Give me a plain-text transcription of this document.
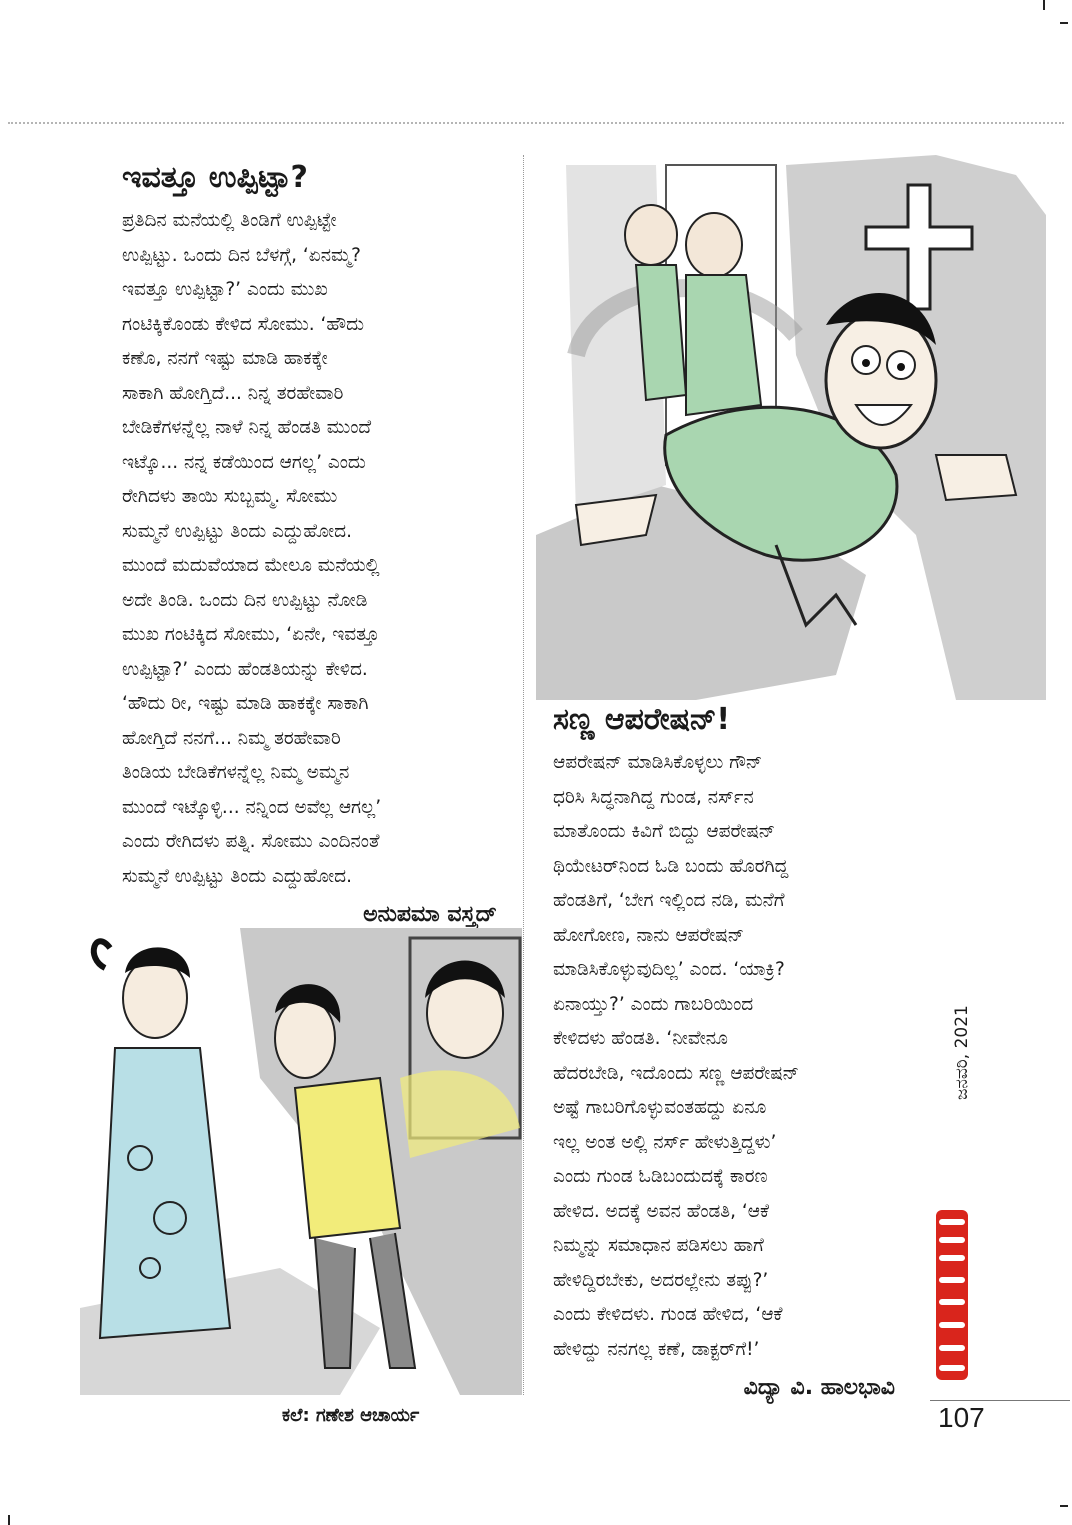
ಇವತ್ತೂ ಉಪ್ಪಿಟ್ಟಾ?
ಪ್ರತಿದಿನ ಮನೆಯಲ್ಲಿ ತಿಂಡಿಗೆ ಉಪ್ಪಿಟ್ಟೇ
ಉಪ್ಪಿಟ್ಟು. ಒಂದು ದಿನ ಬೆಳಗ್ಗೆ, ‘ಏನಮ್ಮ?
ಇವತ್ತೂ ಉಪ್ಪಿಟ್ಟಾ?’ ಎಂದು ಮುಖ
ಗಂಟಿಕ್ಕಿಕೊಂಡು ಕೇಳಿದ ಸೋಮು. ‘ಹೌದು
ಕಣೊ, ನನಗೆ ಇಷ್ಟು ಮಾಡಿ ಹಾಕಕ್ಕೇ
ಸಾಕಾಗಿ ಹೋಗ್ತಿದೆ... ನಿನ್ನ ತರಹೇವಾರಿ
ಬೇಡಿಕೆಗಳನ್ನೆಲ್ಲ ನಾಳೆ ನಿನ್ನ ಹೆಂಡತಿ ಮುಂದೆ
ಇಟ್ಕೊ... ನನ್ನ ಕಡೆಯಿಂದ ಆಗಲ್ಲ’ ಎಂದು
ರೇಗಿದಳು ತಾಯಿ ಸುಬ್ಬಮ್ಮ. ಸೋಮು
ಸುಮ್ಮನೆ ಉಪ್ಪಿಟ್ಟು ತಿಂದು ಎದ್ದುಹೋದ.
ಮುಂದೆ ಮದುವೆಯಾದ ಮೇಲೂ ಮನೆಯಲ್ಲಿ
ಅದೇ ತಿಂಡಿ. ಒಂದು ದಿನ ಉಪ್ಪಿಟ್ಟು ನೋಡಿ
ಮುಖ ಗಂಟಿಕ್ಕಿದ ಸೋಮು, ‘ಏನೇ, ಇವತ್ತೂ
ಉಪ್ಪಿಟ್ಟಾ?’ ಎಂದು ಹೆಂಡತಿಯನ್ನು ಕೇಳಿದ.
‘ಹೌದು ರೀ, ಇಷ್ಟು ಮಾಡಿ ಹಾಕಕ್ಕೇ ಸಾಕಾಗಿ
ಹೋಗ್ತಿದೆ ನನಗೆ... ನಿಮ್ಮ ತರಹೇವಾರಿ
ತಿಂಡಿಯ ಬೇಡಿಕೆಗಳನ್ನೆಲ್ಲ ನಿಮ್ಮ ಅಮ್ಮನ
ಮುಂದೆ ಇಟ್ಕೊಳ್ಳಿ... ನನ್ನಿಂದ ಅವೆಲ್ಲ ಆಗಲ್ಲ’
ಎಂದು ರೇಗಿದಳು ಪತ್ನಿ. ಸೋಮು ಎಂದಿನಂತೆ
ಸುಮ್ಮನೆ ಉಪ್ಪಿಟ್ಟು ತಿಂದು ಎದ್ದುಹೋದ.
ಅನುಪಮಾ ವಸ್ತ್ರದ್
ಸಣ್ಣ ಆಪರೇಷನ್!
ಆಪರೇಷನ್ ಮಾಡಿಸಿಕೊಳ್ಳಲು ಗೌನ್
ಧರಿಸಿ ಸಿದ್ಧನಾಗಿದ್ದ ಗುಂಡ, ನರ್ಸ್‌ನ
ಮಾತೊಂದು ಕಿವಿಗೆ ಬಿದ್ದು ಆಪರೇಷನ್
ಥಿಯೇಟರ್‌ನಿಂದ ಓಡಿ ಬಂದು ಹೊರಗಿದ್ದ
ಹೆಂಡತಿಗೆ, ‘ಬೇಗ ಇಲ್ಲಿಂದ ನಡಿ, ಮನೆಗೆ
ಹೋಗೋಣ, ನಾನು ಆಪರೇಷನ್
ಮಾಡಿಸಿಕೊಳ್ಳುವುದಿಲ್ಲ’ ಎಂದ. ‘ಯಾಕ್ರಿ?
ಏನಾಯ್ತು?’ ಎಂದು ಗಾಬರಿಯಿಂದ
ಕೇಳಿದಳು ಹೆಂಡತಿ. ‘ನೀವೇನೂ
ಹೆದರಬೇಡಿ, ಇದೊಂದು ಸಣ್ಣ ಆಪರೇಷನ್
ಅಷ್ಟೆ ಗಾಬರಿಗೊಳ್ಳುವಂತಹದ್ದು ಏನೂ
ಇಲ್ಲ ಅಂತ ಅಲ್ಲಿ ನರ್ಸ್ ಹೇಳುತ್ತಿದ್ದಳು’
ಎಂದು ಗುಂಡ ಓಡಿಬಂದುದಕ್ಕೆ ಕಾರಣ
ಹೇಳಿದ. ಅದಕ್ಕೆ ಅವನ ಹೆಂಡತಿ, ‘ಆಕೆ
ನಿಮ್ಮನ್ನು ಸಮಾಧಾನ ಪಡಿಸಲು ಹಾಗೆ
ಹೇಳಿದ್ದಿರಬೇಕು, ಅದರಲ್ಲೇನು ತಪ್ಪು?’
ಎಂದು ಕೇಳಿದಳು. ಗುಂಡ ಹೇಳಿದ, ‘ಆಕೆ
ಹೇಳಿದ್ದು ನನಗಲ್ಲ ಕಣೆ, ಡಾಕ್ಟರ್‌ಗೆ!’
ವಿದ್ಯಾ ವಿ. ಹಾಲಭಾವಿ
ಕಲೆ: ಗಣೇಶ ಆಚಾರ್ಯ
ಜನವರಿ, 2021
107
